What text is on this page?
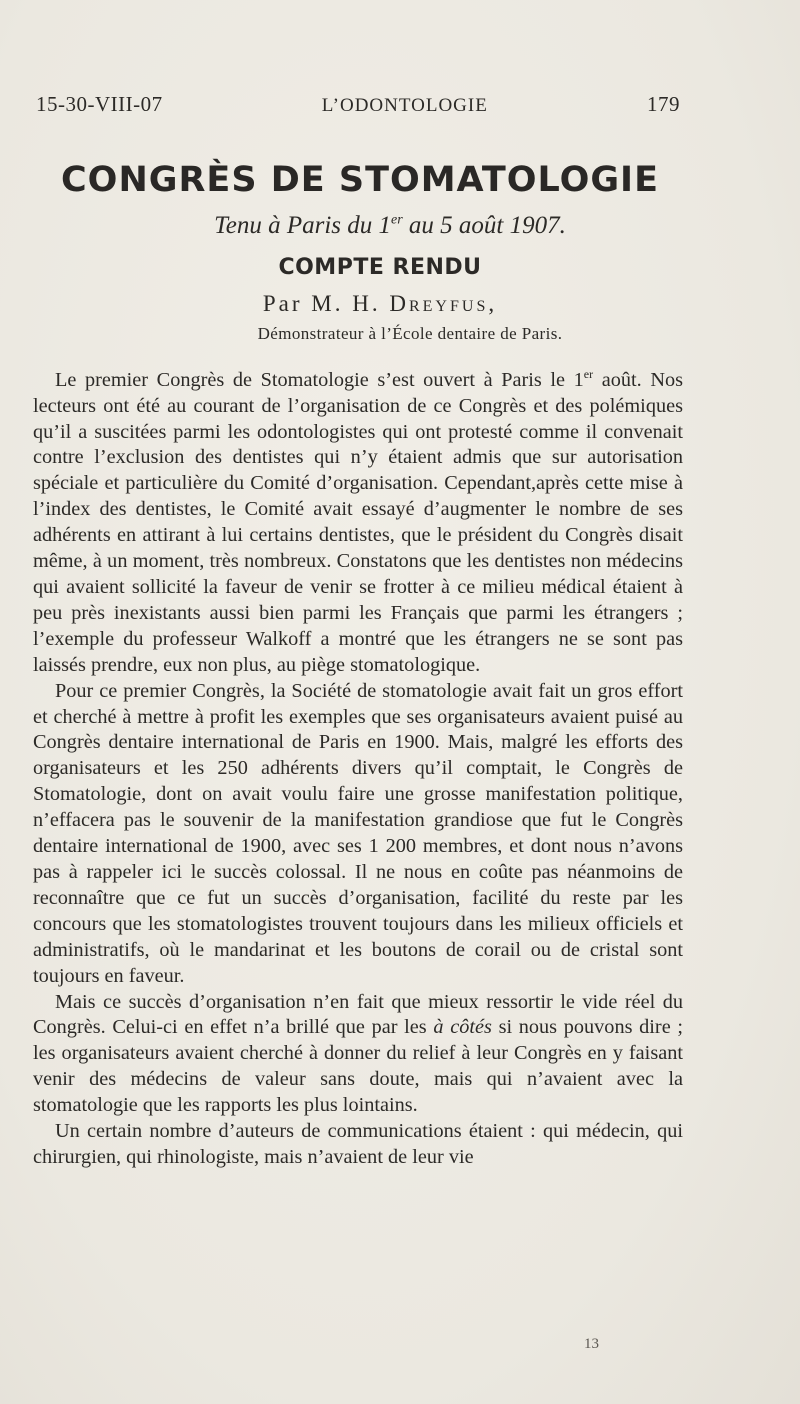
15-30-VIII-07	L’ODONTOLOGIE	179
CONGRÈS DE STOMATOLOGIE
Tenu à Paris du 1er au 5 août 1907.
COMPTE RENDU
Par M. H. Dreyfus,
Démonstrateur à l’École dentaire de Paris.

Le premier Congrès de Stomatologie s’est ouvert à Paris le 1er août. Nos lecteurs ont été au courant de l’organisation de ce Congrès et des polémiques qu’il a suscitées parmi les odontologistes qui ont protesté comme il convenait contre l’exclusion des dentistes qui n’y étaient admis que sur autorisation spéciale et particulière du Comité d’organisation. Cependant,après cette mise à l’index des dentistes, le Comité avait essayé d’augmenter le nombre de ses adhérents en attirant à lui certains dentistes, que le président du Congrès disait même, à un moment, très nombreux. Constatons que les dentistes non médecins qui avaient sollicité la faveur de venir se frotter à ce milieu médical étaient à peu près inexistants aussi bien parmi les Français que parmi les étrangers ; l’exemple du professeur Walkoff a montré que les étrangers ne se sont pas laissés prendre, eux non plus, au piège stomatologique.

Pour ce premier Congrès, la Société de stomatologie avait fait un gros effort et cherché à mettre à profit les exemples que ses organisateurs avaient puisé au Congrès dentaire international de Paris en 1900. Mais, malgré les efforts des organisateurs et les 250 adhérents divers qu’il comptait, le Congrès de Stomatologie, dont on avait voulu faire une grosse manifestation politique, n’effacera pas le souvenir de la manifestation grandiose que fut le Congrès dentaire international de 1900, avec ses 1 200 membres, et dont nous n’avons pas à rappeler ici le succès colossal. Il ne nous en coûte pas néanmoins de reconnaître que ce fut un succès d’organisation, facilité du reste par les concours que les stomatologistes trouvent toujours dans les milieux officiels et administratifs, où le mandarinat et les boutons de corail ou de cristal sont toujours en faveur.

Mais ce succès d’organisation n’en fait que mieux ressortir le vide réel du Congrès. Celui-ci en effet n’a brillé que par les à côtés si nous pouvons dire ; les organisateurs avaient cherché à donner du relief à leur Congrès en y faisant venir des médecins de valeur sans doute, mais qui n’avaient avec la stomatologie que les rapports les plus lointains.

Un certain nombre d’auteurs de communications étaient : qui médecin, qui chirurgien, qui rhinologiste, mais n’avaient de leur vie

13
